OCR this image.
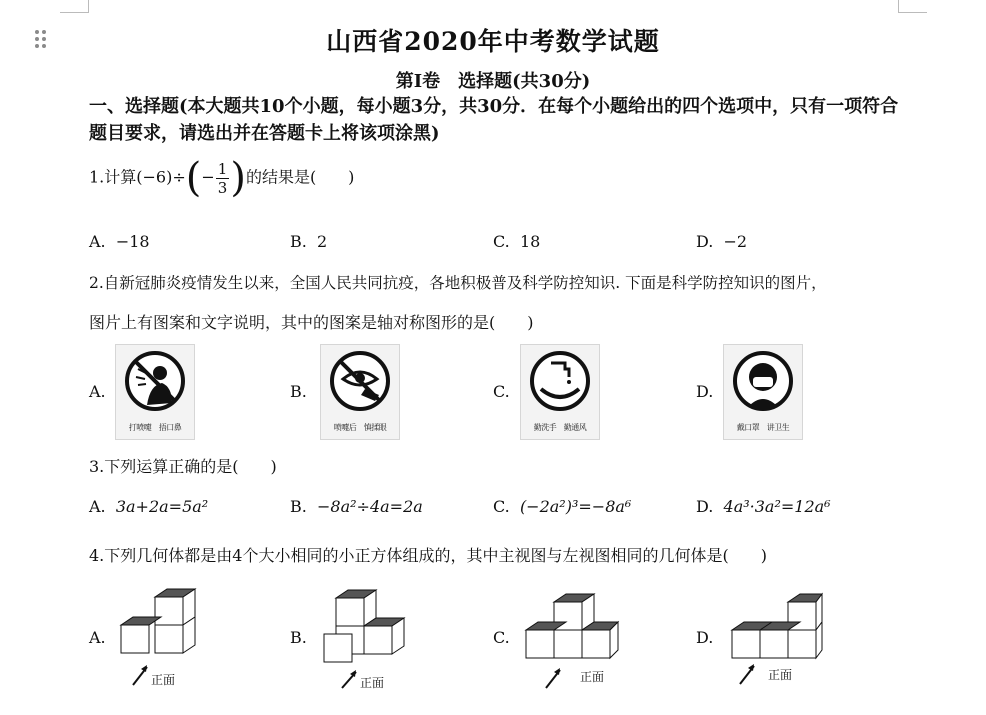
山西省2020年中考数学试题
第Ⅰ卷　选择题(共30分)
一、选择题(本大题共10个小题，每小题3分，共30分．在每个小题给出的四个选项中，只有一项符合题目要求，请选出并在答题卡上将该项涂黑)
1.计算$(-6)\div(- \frac{1}{3}$ )的结果是(　　)
A. −18	B. 2	C. 18	D. −2
2.自新冠肺炎疫情发生以来，全国人民共同抗疫，各地积极普及科学防控知识. 下面是科学防控知识的图片，
图片上有图案和文字说明，其中的图案是轴对称图形的是(　　)
A.
打喷嚏　捂口鼻
B.
喷嚏后　慎揉眼
C.
勤洗手　勤通风
D.
戴口罩　讲卫生
3.下列运算正确的是(　　)
A. 3a+2a=5a²	B. −8a²÷4a=2a	C. (−2a²)³=−8a⁶	D. 4a³·3a²=12a⁶
4.下列几何体都是由4个大小相同的小正方体组成的，其中主视图与左视图相同的几何体是(　　)
A.
正面
B.
正面
C.
正面
D.
正面
